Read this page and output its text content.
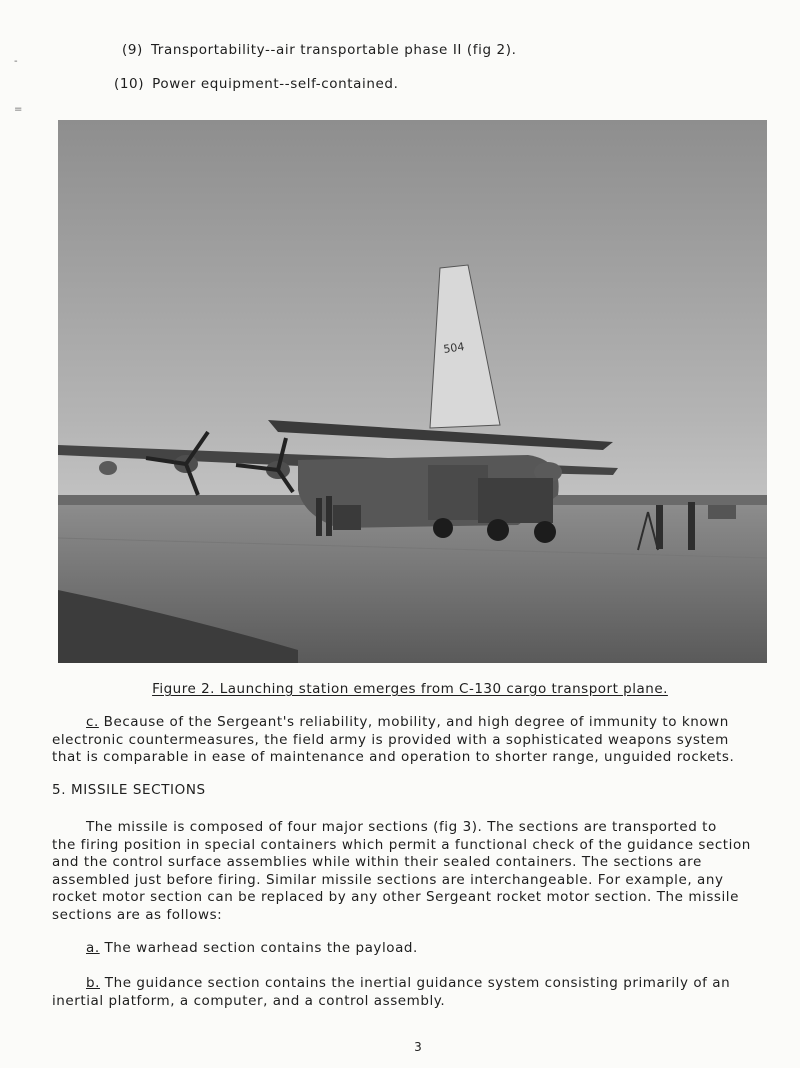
-
=
(9) Transportability--air transportable phase II (fig 2).
(10) Power equipment--self-contained.
504
Figure 2. Launching station emerges from C-130 cargo transport plane.
c. Because of the Sergeant's reliability, mobility, and high degree of immunity to known
electronic countermeasures, the field army is provided with a sophisticated weapons system
that is comparable in ease of maintenance and operation to shorter range, unguided rockets.
5. MISSILE SECTIONS
The missile is composed of four major sections (fig 3). The sections are transported to
the firing position in special containers which permit a functional check of the guidance section
and the control surface assemblies while within their sealed containers. The sections are
assembled just before firing. Similar missile sections are interchangeable. For example, any
rocket motor section can be replaced by any other Sergeant rocket motor section. The missile
sections are as follows:
a. The warhead section contains the payload.
b. The guidance section contains the inertial guidance system consisting primarily of an
inertial platform, a computer, and a control assembly.
3
